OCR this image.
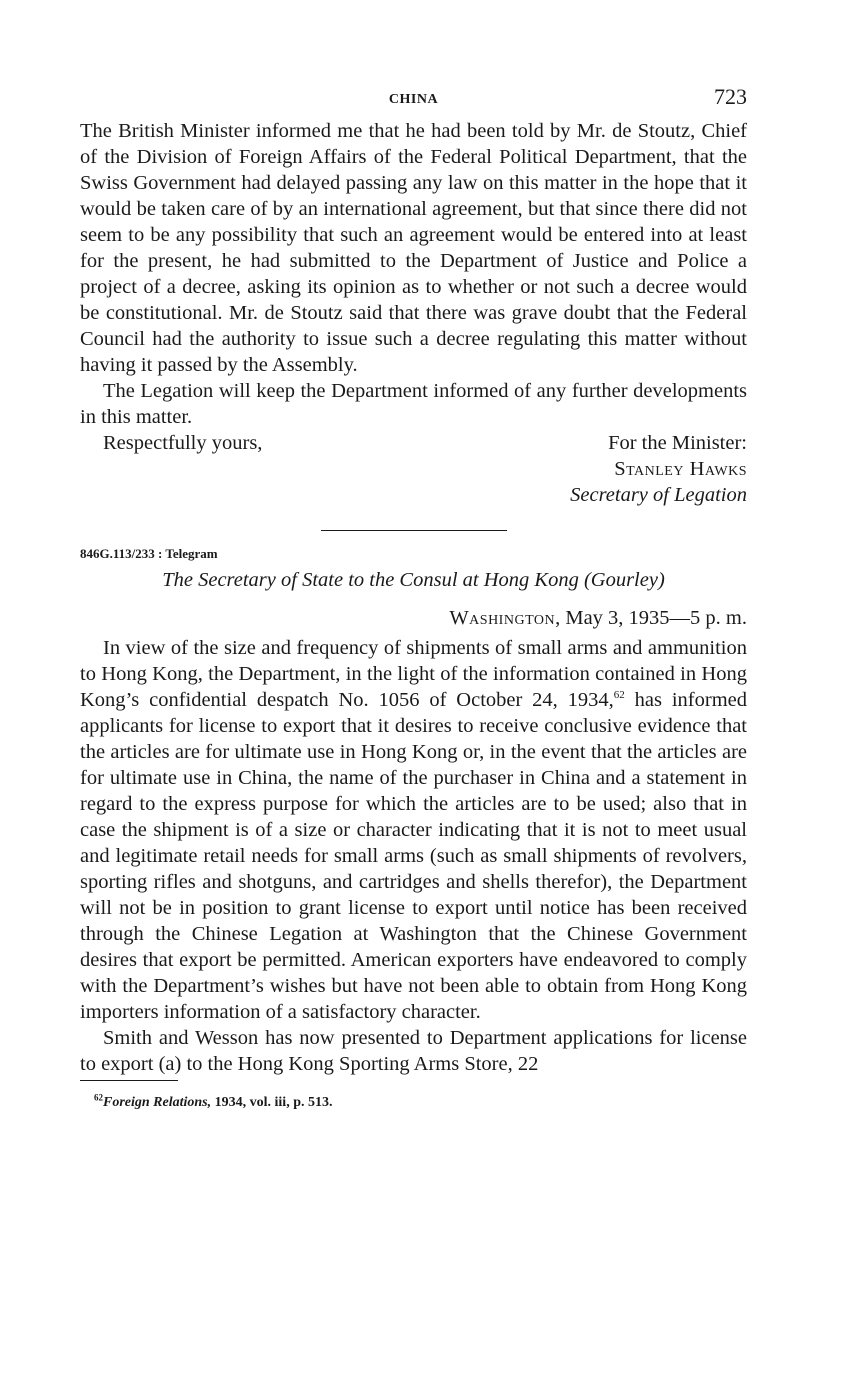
CHINA	723

The British Minister informed me that he had been told by Mr. de Stoutz, Chief of the Division of Foreign Affairs of the Federal Political Department, that the Swiss Government had delayed passing any law on this matter in the hope that it would be taken care of by an international agreement, but that since there did not seem to be any possibility that such an agreement would be entered into at least for the present, he had submitted to the Department of Justice and Police a project of a decree, asking its opinion as to whether or not such a decree would be constitutional. Mr. de Stoutz said that there was grave doubt that the Federal Council had the authority to issue such a decree regulating this matter without having it passed by the Assembly.

The Legation will keep the Department informed of any further developments in this matter.

Respectfully yours,	For the Minister:
Stanley Hawks
Secretary of Legation
846G.113/233 : Telegram
The Secretary of State to the Consul at Hong Kong (Gourley)
Washington, May 3, 1935—5 p. m.

In view of the size and frequency of shipments of small arms and ammunition to Hong Kong, the Department, in the light of the information contained in Hong Kong’s confidential despatch No. 1056 of October 24, 1934,62 has informed applicants for license to export that it desires to receive conclusive evidence that the articles are for ultimate use in Hong Kong or, in the event that the articles are for ultimate use in China, the name of the purchaser in China and a statement in regard to the express purpose for which the articles are to be used; also that in case the shipment is of a size or character indicating that it is not to meet usual and legitimate retail needs for small arms (such as small shipments of revolvers, sporting rifles and shotguns, and cartridges and shells therefor), the Department will not be in position to grant license to export until notice has been received through the Chinese Legation at Washington that the Chinese Government desires that export be permitted. American exporters have endeavored to comply with the Department’s wishes but have not been able to obtain from Hong Kong importers information of a satisfactory character.

Smith and Wesson has now presented to Department applications for license to export (a) to the Hong Kong Sporting Arms Store, 22

$^{62}$Foreign Relations, 1934, vol. iii, p. 513.
